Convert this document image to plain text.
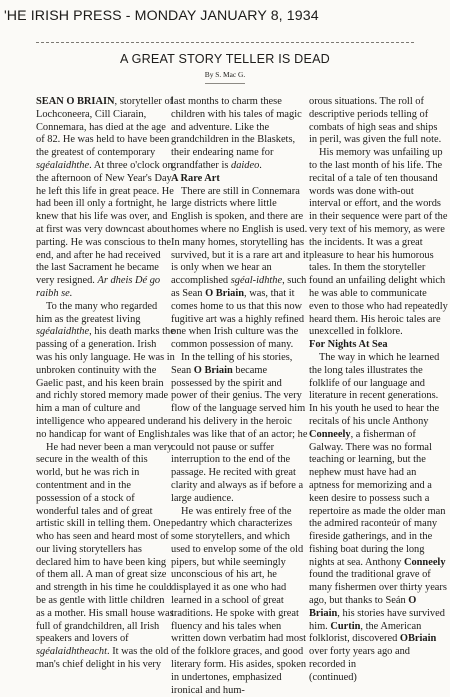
'HE IRISH PRESS - MONDAY JANUARY 8, 1934
A GREAT STORY TELLER IS DEAD
By S. Mac G.

SEAN O BRIAIN, storyteller of Lochconeera, Cill Ciarain, Connemara, has died at the age of 82. He was held to have been the greatest of contemporary sgéalaidhthe. At three o'clock on the afternoon of New Year's Day he left this life in great peace. He had been ill only a fortnight, he knew that his life was over, and at first was very downcast about parting. He was conscious to the end, and after he had received the last Sacrament he became very resigned. Ar dheis Dé go raibh se.

To the many who regarded him as the greatest living sgéalaidhthe, his death marks the passing of a generation. Irish was his only language. He was in unbroken continuity with the Gaelic past, and his keen brain and richly stored memory made him a man of culture and intelligence who appeared under no handicap for want of English.

He had never been a man very secure in the wealth of this world, but he was rich in contentment and in the possession of a stock of wonderful tales and of great artistic skill in telling them. One who has seen and heard most of our living storytellers has declared him to have been king of them all. A man of great size and strength in his time he could be as gentle with little children as a mother. His small house was full of grandchildren, all Irish speakers and lovers of sgéalaidhtheacht. It was the old man's chief delight in his very

last months to charm these children with his tales of magic and adventure. Like the grandchildren in the Blaskets, their endearing name for grandfather is daideo.

A Rare Art

There are still in Connemara large districts where little English is spoken, and there are homes where no English is used. In many homes, storytelling has survived, but it is a rare art and it is only when we hear an accomplished sgéal-idhthe, such as Sean O Briain, was, that it comes home to us that this now fugitive art was a highly refined one when Irish culture was the common possession of many.

In the telling of his stories, Sean O Briain became possessed by the spirit and power of their genius. The very flow of the language served him and his delivery in the heroic tales was like that of an actor; he could not pause or suffer interruption to the end of the passage. He recited with great clarity and always as if before a large audience.

He was entirely free of the pedantry which characterizes some storytellers, and which used to envelop some of the old pipers, but while seemingly unconscious of his art, he displayed it as one who had learned in a school of great traditions. He spoke with great fluency and his tales when written down verbatim had most of the folklore graces, and good literary form. His asides, spoken in undertones, emphasized ironical and hum-

orous situations. The roll of descriptive periods telling of combats of high seas and ships in peril, was given the full note.

His memory was unfailing up to the last month of his life. The recital of a tale of ten thousand words was done with-out interval or effort, and the words in their sequence were part of the very text of his memory, as were the incidents. It was a great pleasure to hear his humorous tales. In them the storyteller found an unfailing delight which he was able to communicate even to those who had repeatedly heard them. His heroic tales are unexcelled in folklore.

For Nights At Sea

The way in which he learned the long tales illustrates the folklife of our language and literature in recent generations. In his youth he used to hear the recitals of his uncle Anthony Conneely, a fisherman of Galway. There was no formal teaching or learning, but the nephew must have had an aptness for memorizing and a keen desire to possess such a repertoire as made the older man the admired raconteúr of many fireside gatherings, and in the fishing boat during the long nights at sea. Anthony Conneely found the traditional grave of many fishermen over thirty years ago, but thanks to Seán O Briain, his stories have survived him. Curtin, the American folklorist, discovered OBriain over forty years ago and recorded in

(continued)
